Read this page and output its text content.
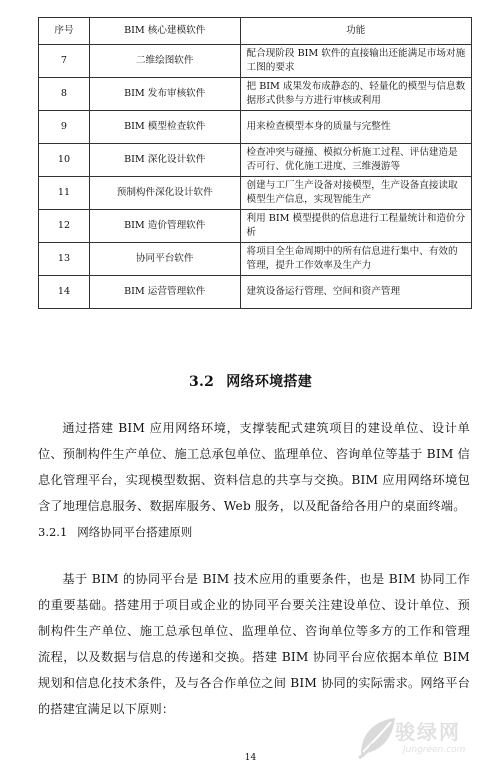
序号	BIM 核心建模软件	功能
7	二维绘图软件	配合现阶段 BIM 软件的直接输出还能满足市场对施工图的要求
8	BIM 发布审核软件	把 BIM 成果发布成静态的、轻量化的模型与信息数据形式供参与方进行审核或利用
9	BIM 模型检查软件	用来检查模型本身的质量与完整性
10	BIM 深化设计软件	检查冲突与碰撞、模拟分析施工过程、评估建造是否可行、优化施工进度、三维漫游等
11	预制构件深化设计软件	创建与工厂生产设备对接模型，生产设备直接读取模型生产信息，实现智能生产
12	BIM 造价管理软件	利用 BIM 模型提供的信息进行工程量统计和造价分析
13	协同平台软件	将项目全生命周期中的所有信息进行集中、有效的管理，提升工作效率及生产力
14	BIM 运营管理软件	建筑设备运行管理、空间和资产管理
3.2 网络环境搭建
通过搭建 BIM 应用网络环境，支撑装配式建筑项目的建设单位、设计单位、预制构件生产单位、施工总承包单位、监理单位、咨询单位等基于 BIM 信息化管理平台，实现模型数据、资料信息的共享与交换。BIM 应用网络环境包含了地理信息服务、数据库服务、Web 服务，以及配备给各用户的桌面终端。
3.2.1 网络协同平台搭建原则
基于 BIM 的协同平台是 BIM 技术应用的重要条件，也是 BIM 协同工作的重要基础。搭建用于项目或企业的协同平台要关注建设单位、设计单位、预制构件生产单位、施工总承包单位、监理单位、咨询单位等多方的工作和管理流程，以及数据与信息的传递和交换。搭建 BIM 协同平台应依据本单位 BIM 规划和信息化技术条件，及与各合作单位之间 BIM 协同的实际需求。网络平台的搭建宜满足以下原则：
14
骏绿网
Jungreen.com
